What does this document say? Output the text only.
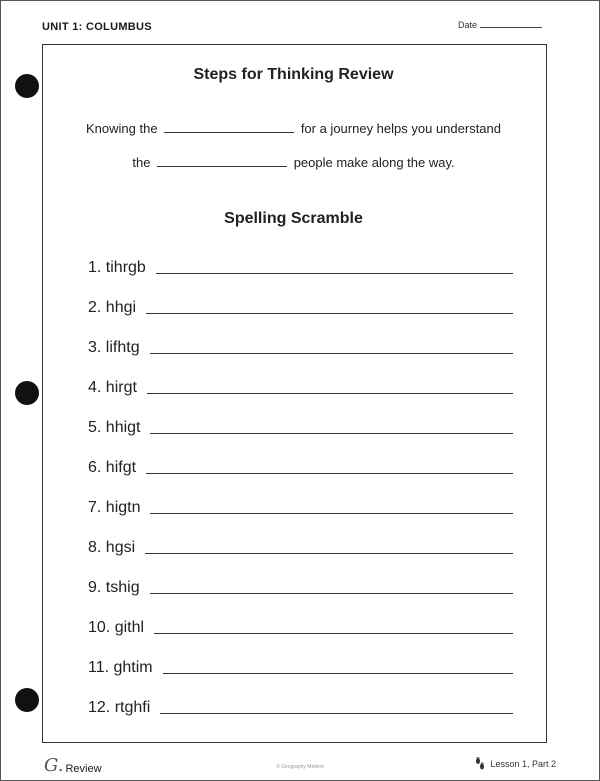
UNIT 1: COLUMBUS	Date
Steps for Thinking Review
Knowing the	for a journey helps you understand
the	people make along the way.
Spelling Scramble
1. tihrgb
2. hhgi
3. lifhtg
4. hirgt
5. hhigt
6. hifgt
7. higtn
8. hgsi
9. tshig
10. githl
11. ghtim
12. rtghfi
G. Review	© Geography Matters	Lesson 1, Part 2
